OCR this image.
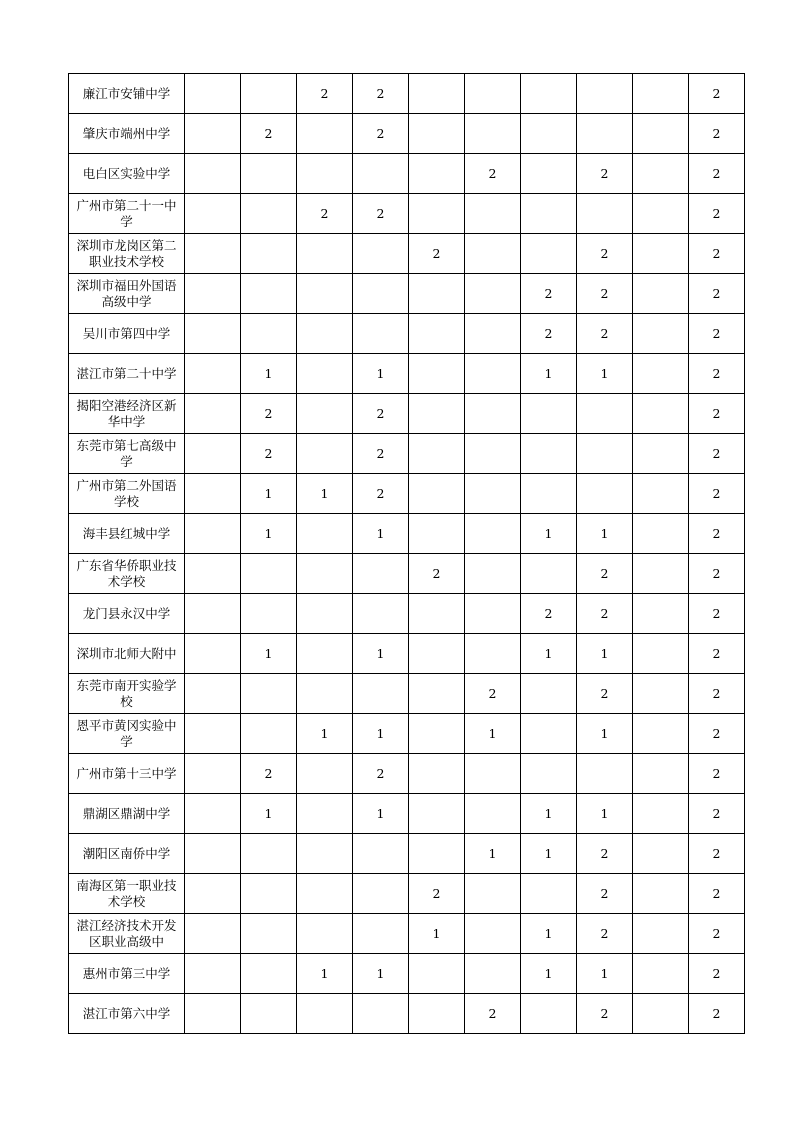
廉江市安铺中学			2	2						2
肇庆市端州中学		2		2						2
电白区实验中学						2		2		2
广州市第二十一中学			2	2						2
深圳市龙岗区第二职业技术学校					2			2		2
深圳市福田外国语高级中学							2	2		2
吴川市第四中学							2	2		2
湛江市第二十中学		1		1			1	1		2
揭阳空港经济区新华中学		2		2						2
东莞市第七高级中学		2		2						2
广州市第二外国语学校		1	1	2						2
海丰县红城中学		1		1			1	1		2
广东省华侨职业技术学校					2			2		2
龙门县永汉中学							2	2		2
深圳市北师大附中		1		1			1	1		2
东莞市南开实验学校						2		2		2
恩平市黄冈实验中学			1	1		1		1		2
广州市第十三中学		2		2						2
鼎湖区鼎湖中学		1		1			1	1		2
潮阳区南侨中学						1	1	2		2
南海区第一职业技术学校					2			2		2
湛江经济技术开发区职业高级中					1		1	2		2
惠州市第三中学			1	1			1	1		2
湛江市第六中学						2		2		2
